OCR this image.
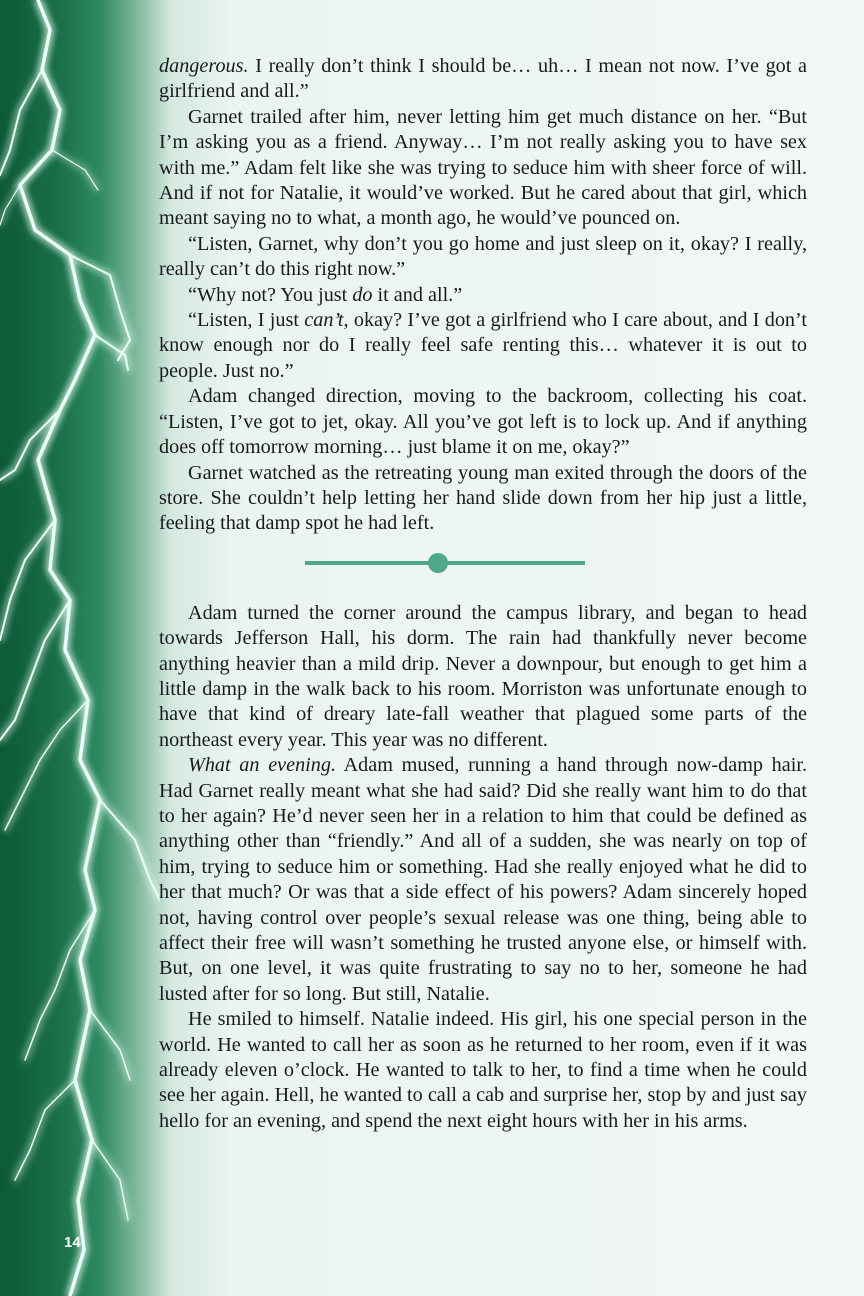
dangerous. I really don’t think I should be… uh… I mean not now. I’ve got a girlfriend and all.”

Garnet trailed after him, never letting him get much distance on her. “But I’m asking you as a friend. Anyway… I’m not really asking you to have sex with me.” Adam felt like she was trying to seduce him with sheer force of will. And if not for Natalie, it would’ve worked. But he cared about that girl, which meant saying no to what, a month ago, he would’ve pounced on.

“Listen, Garnet, why don’t you go home and just sleep on it, okay? I really, really can’t do this right now.”

“Why not? You just do it and all.”

“Listen, I just can’t, okay? I’ve got a girlfriend who I care about, and I don’t know enough nor do I really feel safe renting this… whatever it is out to people. Just no.”

Adam changed direction, moving to the backroom, collecting his coat. “Listen, I’ve got to jet, okay. All you’ve got left is to lock up. And if anything does off tomorrow morning… just blame it on me, okay?”

Garnet watched as the retreating young man exited through the doors of the store. She couldn’t help letting her hand slide down from her hip just a little, feeling that damp spot he had left.

Adam turned the corner around the campus library, and began to head towards Jefferson Hall, his dorm. The rain had thankfully never become anything heavier than a mild drip. Never a downpour, but enough to get him a little damp in the walk back to his room. Morriston was unfortunate enough to have that kind of dreary late-fall weather that plagued some parts of the northeast every year. This year was no different.

What an evening. Adam mused, running a hand through now-damp hair. Had Garnet really meant what she had said? Did she really want him to do that to her again? He’d never seen her in a relation to him that could be defined as anything other than “friendly.” And all of a sudden, she was nearly on top of him, trying to seduce him or something. Had she really enjoyed what he did to her that much? Or was that a side effect of his powers? Adam sincerely hoped not, having control over people’s sexual release was one thing, being able to affect their free will wasn’t something he trusted anyone else, or himself with. But, on one level, it was quite frustrating to say no to her, someone he had lusted after for so long. But still, Natalie.

He smiled to himself. Natalie indeed. His girl, his one special person in the world. He wanted to call her as soon as he returned to her room, even if it was already eleven o’clock. He wanted to talk to her, to find a time when he could see her again. Hell, he wanted to call a cab and surprise her, stop by and just say hello for an evening, and spend the next eight hours with her in his arms.

14
